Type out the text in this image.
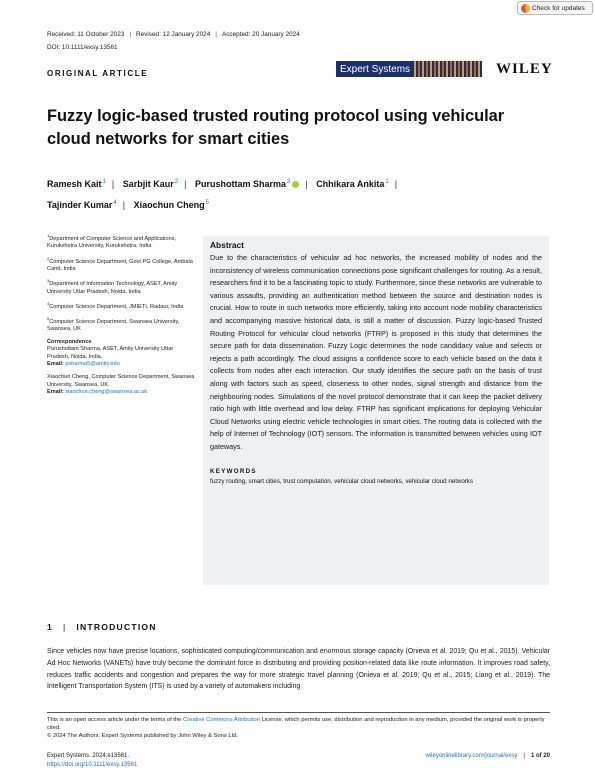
Check for updates
Received: 11 October 2023 | Revised: 12 January 2024 | Accepted: 20 January 2024
DOI: 10.1111/exsy.13561
ORIGINAL ARTICLE	Expert Systems	WILEY
Fuzzy logic-based trusted routing protocol using vehicular cloud networks for smart cities
Ramesh Kait$^1$ | Sarbjit Kaur$^2$ | Purushottam Sharma$^3$ | Chhikara Ankita$^1$ |
Tajinder Kumar$^4$ | Xiaochun Cheng$^5$
$^1$Department of Computer Science and Applications, Kurukshetra University, Kurukshetra, India
$^2$Computer Science Department, Govt PG College, Ambala Cantt, India
$^3$Department of Information Technology, ASET, Amity University Uttar Pradesh, Noida, India
$^4$Computer Science Department, JMIETI, Radaur, India
$^5$Computer Science Department, Swansea University, Swansea, UK
Correspondence
Purushottam Sharma, ASET, Amity University Uttar Pradesh, Noida, India.
Email: psharma5@amity.edu
Xiaochun Cheng, Computer Science Department, Swansea University, Swansea, UK.
Email: xiaochun.cheng@swansea.ac.uk
Abstract

Due to the characteristics of vehicular ad hoc networks, the increased mobility of nodes and the inconsistency of wireless communication connections pose significant challenges for routing. As a result, researchers find it to be a fascinating topic to study. Furthermore, since these networks are vulnerable to various assaults, providing an authentication method between the source and destination nodes is crucial. How to route in such networks more efficiently, taking into account node mobility characteristics and accompanying massive historical data, is still a matter of discussion. Fuzzy logic-based Trusted Routing Protocol for vehicular cloud networks (FTRP) is proposed in this study that determines the secure path for data dissemination. Fuzzy Logic determines the node candidacy value and selects or rejects a path accordingly. The cloud assigns a confidence score to each vehicle based on the data it collects from nodes after each interaction. Our study identifies the secure path on the basis of trust along with factors such as speed, closeness to other nodes, signal strength and distance from the neighbouring nodes. Simulations of the novel protocol demonstrate that it can keep the packet delivery ratio high with little overhead and low delay. FTRP has significant implications for deploying Vehicular Cloud Networks using electric vehicle technologies in smart cities. The routing data is collected with the help of Internet of Technology (IOT) sensors. The information is transmitted between vehicles using IOT gateways.

KEYWORDS
fuzzy routing, smart cities, trust computation, vehicular cloud networks, vehicular cloud networks
1 | INTRODUCTION

Since vehicles now have precise locations, sophisticated computing/communication and enormous storage capacity (Onieva et al. 2019; Qu et al., 2015). Vehicular Ad Hoc Networks (VANETs) have truly become the dominant force in distributing and providing position-related data like route information. It improves road safety, reduces traffic accidents and congestion and prepares the way for more strategic travel planning (Onieva et al. 2019; Qu et al., 2015; Liang et al., 2019). The Intelligent Transportation System (ITS) is used by a variety of automakers including

This is an open access article under the terms of the Creative Commons Attribution License, which permits use, distribution and reproduction in any medium, provided the original work is properly cited.
© 2024 The Authors. Expert Systems published by John Wiley & Sons Ltd.
Expert Systems. 2024;e13561.
https://doi.org/10.1111/exsy.13561
wileyonlinelibrary.com/journal/exsy | 1 of 20
